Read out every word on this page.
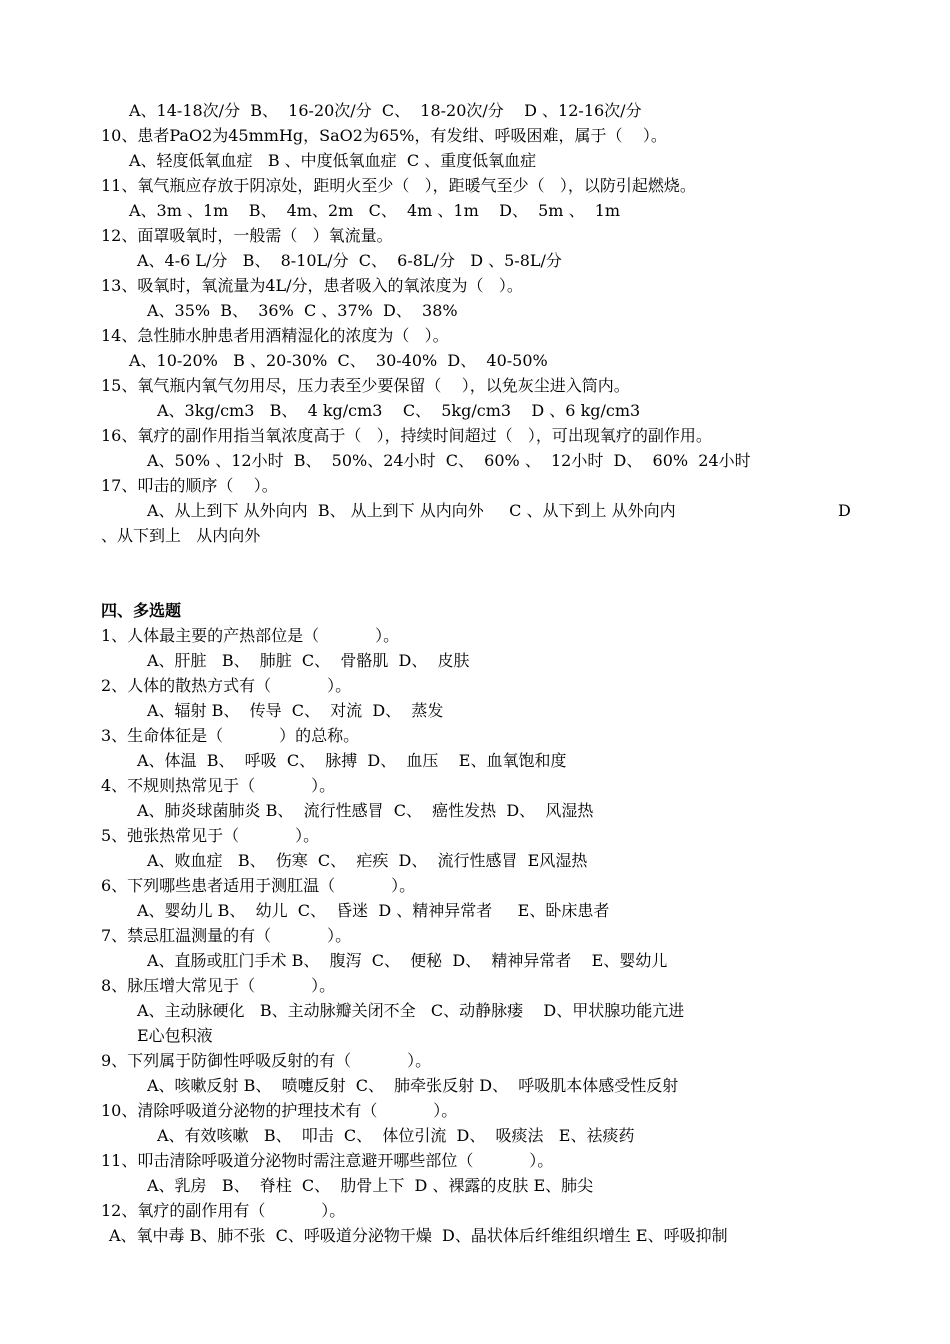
A、14-18次/分  B、  16-20次/分  C、  18-20次/分    D 、12-16次/分
10、患者PaO2为45mmHg，SaO2为65%，有发绀、呼吸困难，属于（    ）。
A、轻度低氧血症   B 、中度低氧血症  C 、重度低氧血症
11、氧气瓶应存放于阴凉处，距明火至少（   ），距暖气至少（   ），以防引起燃烧。
A、3m 、1m    B、  4m、2m   C、  4m 、1m    D、  5m 、  1m
12、面罩吸氧时，一般需（   ）氧流量。
A、4-6 L/分   B、  8-10L/分  C、  6-8L/分   D 、5-8L/分
13、吸氧时，氧流量为4L/分，患者吸入的氧浓度为（   ）。
A、35%  B、  36%  C 、37%  D、  38%
14、急性肺水肿患者用酒精湿化的浓度为（   ）。
A、10-20%   B 、20-30%  C、  30-40%  D、  40-50%
15、氧气瓶内氧气勿用尽，压力表至少要保留（    ），以免灰尘进入筒内。
A、3kg/cm3   B、  4 kg/cm3    C、  5kg/cm3    D 、6 kg/cm3
16、氧疗的副作用指当氧浓度高于（   ），持续时间超过（   ），可出现氧疗的副作用。
A、50% 、12小时  B、  50%、24小时  C、  60% 、  12小时  D、  60%  24小时
17、叩击的顺序（    ）。
A、从上到下 从外向内  B、 从上到下 从内向外     C 、从下到上 从外向内	D
、从下到上   从内向外
四、多选题
1、人体最主要的产热部位是（           ）。
A、肝脏   B、  肺脏  C、  骨骼肌  D、  皮肤
2、人体的散热方式有（           ）。
A、辐射 B、  传导  C、  对流  D、  蒸发
3、生命体征是（           ）的总称。
A、体温  B、  呼吸  C、  脉搏  D、  血压    E、血氧饱和度
4、不规则热常见于（           ）。
A、肺炎球菌肺炎 B、  流行性感冒  C、  癌性发热  D、  风湿热
5、弛张热常见于（           ）。
A、败血症   B、  伤寒  C、  疟疾  D、  流行性感冒  E风湿热
6、下列哪些患者适用于测肛温（           ）。
A、婴幼儿 B、  幼儿  C、  昏迷  D 、精神异常者     E、卧床患者
7、禁忌肛温测量的有（           ）。
A、直肠或肛门手术 B、  腹泻  C、  便秘  D、  精神异常者    E、婴幼儿
8、脉压增大常见于（           ）。
A、主动脉硬化   B、主动脉瓣关闭不全   C、动静脉瘘    D、甲状腺功能亢进
E心包积液
9、下列属于防御性呼吸反射的有（           ）。
A、咳嗽反射 B、  喷嚏反射  C、  肺牵张反射 D、  呼吸肌本体感受性反射
10、清除呼吸道分泌物的护理技术有（           ）。
A、有效咳嗽   B、  叩击  C、  体位引流  D、  吸痰法   E、祛痰药
11、叩击清除呼吸道分泌物时需注意避开哪些部位（           ）。
A、乳房   B、  脊柱  C、  肋骨上下  D 、裸露的皮肤 E、肺尖
12、氧疗的副作用有（           ）。
A、氧中毒 B、肺不张  C、呼吸道分泌物干燥  D、晶状体后纤维组织增生 E、呼吸抑制
